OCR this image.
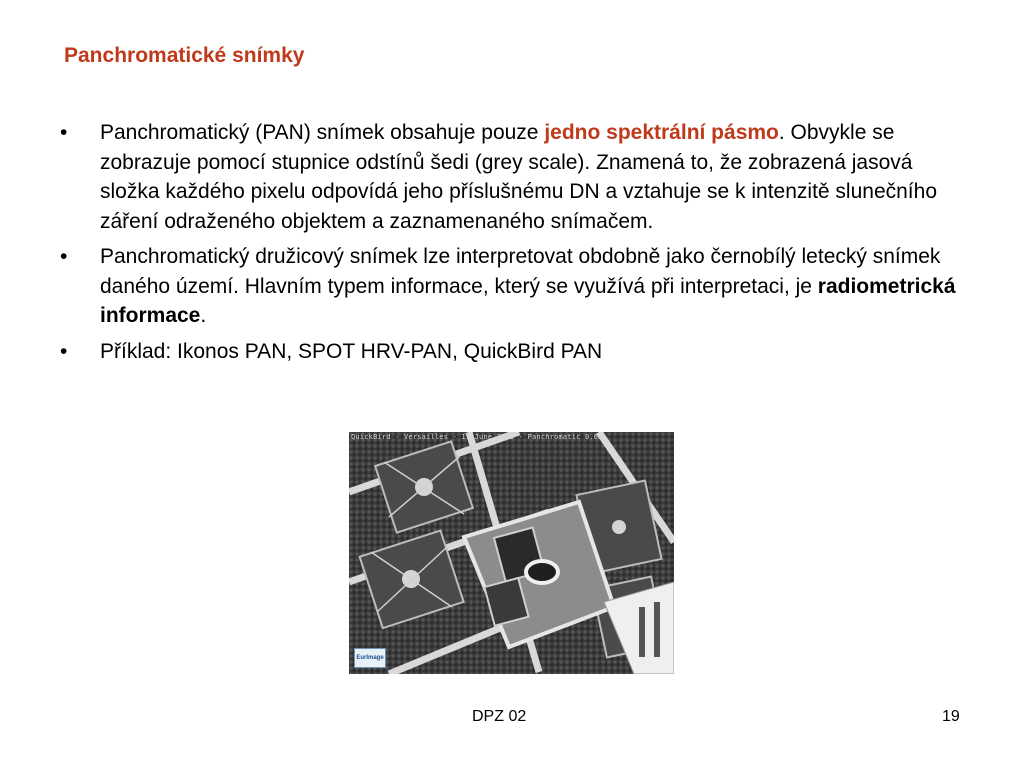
Panchromatické snímky
• Panchromatický (PAN) snímek obsahuje pouze jedno spektrální pásmo. Obvykle se zobrazuje pomocí stupnice odstínů šedi (grey scale). Znamená to, že zobrazená jasová složka každého pixelu odpovídá jeho příslušnému DN a vztahuje se k intenzitě slunečního záření odraženého objektem a zaznamenaného snímačem.
• Panchromatický družicový snímek lze interpretovat obdobně jako černobílý letecký snímek daného území. Hlavním typem informace, který se využívá při interpretaci, je radiometrická informace.
• Příklad: Ikonos PAN, SPOT HRV-PAN, QuickBird PAN
QuickBird - Versailles - 11 June 2002 - Panchromatic 0.6m
EurImage
DPZ 02	19
